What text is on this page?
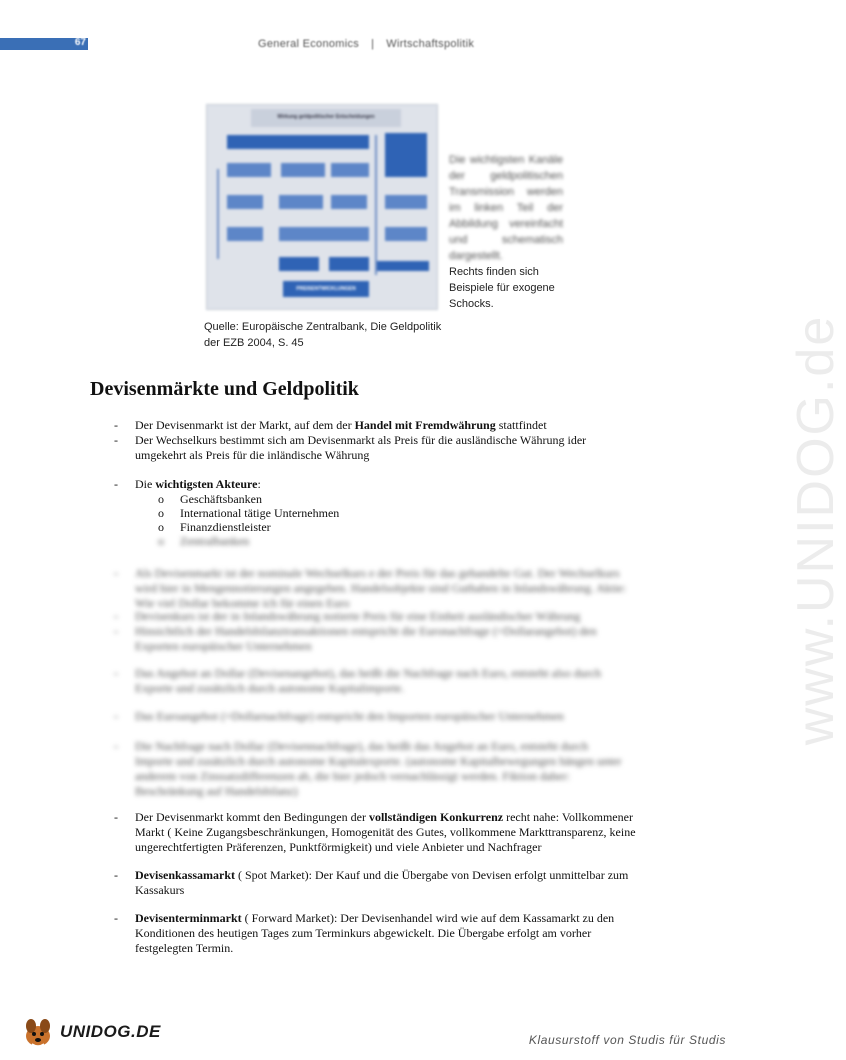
67	General Economics | Wirtschaftspolitik
Wirkung geldpolitischer Entscheidungen
PREISENTWICKLUNGEN
Die wichtigsten Kanäle der geldpolitischen Transmission werden im linken Teil der Abbildung vereinfacht und schematisch dargestellt.
Rechts finden sich
Beispiele für exogene
Schocks.
Quelle: Europäische Zentralbank, Die Geldpolitik
der EZB 2004, S. 45
Devisenmärkte und Geldpolitik
- Der Devisenmarkt ist der Markt, auf dem der Handel mit Fremdwährung stattfindet
- Der Wechselkurs bestimmt sich am Devisenmarkt als Preis für die ausländische Währung ider
umgekehrt als Preis für die inländische Währung
- Die wichtigsten Akteure:
o Geschäftsbanken
o International tätige Unternehmen
o Finanzdienstleister
o Zentralbanken
- Als Devisenmarkt ist der nominale Wechselkurs e der Preis für das gehandelte Gut. Der Wechselkurs
wird hier in Mengennotierungen angegeben. Handelsobjekte sind Guthaben in Inlandswährung. Aktie:
Wie viel Dollar bekomme ich für einen Euro
- Devisenkurs ist der in Inlandswährung notierte Preis für eine Einheit ausländischer Währung
- Hinsichtlich der Handelsbilanztransaktionen entspricht die Euronachfrage (=Dollarangebot) den
Exporten europäischer Unternehmen
- Das Angebot an Dollar (Devisenangebot), das heißt die Nachfrage nach Euro, entsteht also durch
Exporte und zusätzlich durch autonome Kapitalimporte.
- Das Euroangebot (=Dollarnachfrage) entspricht den Importen europäischer Unternehmen
- Die Nachfrage nach Dollar (Devisennachfrage), das heißt das Angebot an Euro, entsteht durch
Importe und zusätzlich durch autonome Kapitalexporte. (autonome Kapitalbewegungen hängen unter
anderem von Zinssatzdifferenzen ab, die hier jedoch vernachlässigt werden. Fiktion daher:
Beschränkung auf Handelsbilanz)
- Der Devisenmarkt kommt den Bedingungen der vollständigen Konkurrenz recht nahe: Vollkommener
Markt ( Keine Zugangsbeschränkungen, Homogenität des Gutes, vollkommene Markttransparenz, keine
ungerechtfertigten Präferenzen, Punktförmigkeit) und viele Anbieter und Nachfrager
- Devisenkassamarkt ( Spot Market): Der Kauf und die Übergabe von Devisen erfolgt unmittelbar zum
Kassakurs
- Devisenterminmarkt ( Forward Market): Der Devisenhandel wird wie auf dem Kassamarkt zu den
Konditionen des heutigen Tages zum Terminkurs abgewickelt. Die Übergabe erfolgt am vorher
festgelegten Termin.
www.UNIDOG.de
UNIDOG.DE	Klausurstoff von Studis für Studis
